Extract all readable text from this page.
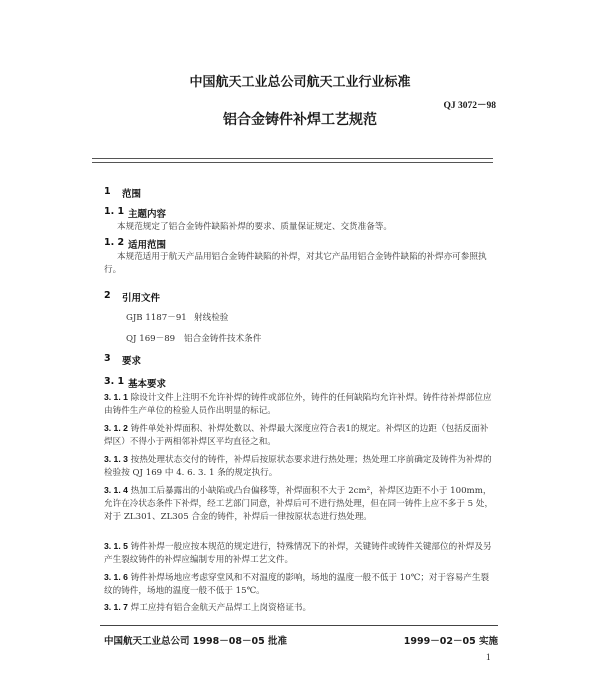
中国航天工业总公司航天工业行业标准
QJ 3072－98
铝合金铸件补焊工艺规范
1 范围
1. 1 主题内容
本规范规定了铝合金铸件缺陷补焊的要求、质量保证规定、交货准备等。
1. 2 适用范围
本规范适用于航天产品用铝合金铸件缺陷的补焊，对其它产品用铝合金铸件缺陷的补焊亦可参照执行。
2 引用文件
GJB 1187－91 射线检验
QJ 169－89 铝合金铸件技术条件
3 要求
3. 1 基本要求
3. 1. 1 除设计文件上注明不允许补焊的铸件或部位外，铸件的任何缺陷均允许补焊。铸件待补焊部位应由铸件生产单位的检验人员作出明显的标记。
3. 1. 2 铸件单处补焊面积、补焊处数以、补焊最大深度应符合表1的规定。补焊区的边距（包括反面补焊区）不得小于两相邻补焊区平均直径之和。
3. 1. 3 按热处理状态交付的铸件，补焊后按原状态要求进行热处理；热处理工序前确定及铸件为补焊的检验按 QJ 169 中 4. 6. 3. 1 条的规定执行。
3. 1. 4 热加工后暴露出的小缺陷或凸台偏移等，补焊面积不大于 2cm²，补焊区边距不小于 100mm，允许在冷状态条件下补焊，经工艺部门同意，补焊后可不进行热处理，但在同一铸件上应不多于 5 处，对于 ZL301、ZL305 合金的铸件，补焊后一律按原状态进行热处理。
3. 1. 5 铸件补焊一般应按本规范的规定进行，特殊情况下的补焊，关键铸件或铸件关键部位的补焊及另产生裂纹铸件的补焊应编制专用的补焊工艺文件。
3. 1. 6 铸件补焊场地应考虑穿堂风和不对温度的影响，场地的温度一般不低于 10℃；对于容易产生裂纹的铸件，场地的温度一般不低于 15℃。
3. 1. 7 焊工应持有铝合金航天产品焊工上岗资格证书。
中国航天工业总公司 1998－08－05 批准	1999－02－05 实施
1
